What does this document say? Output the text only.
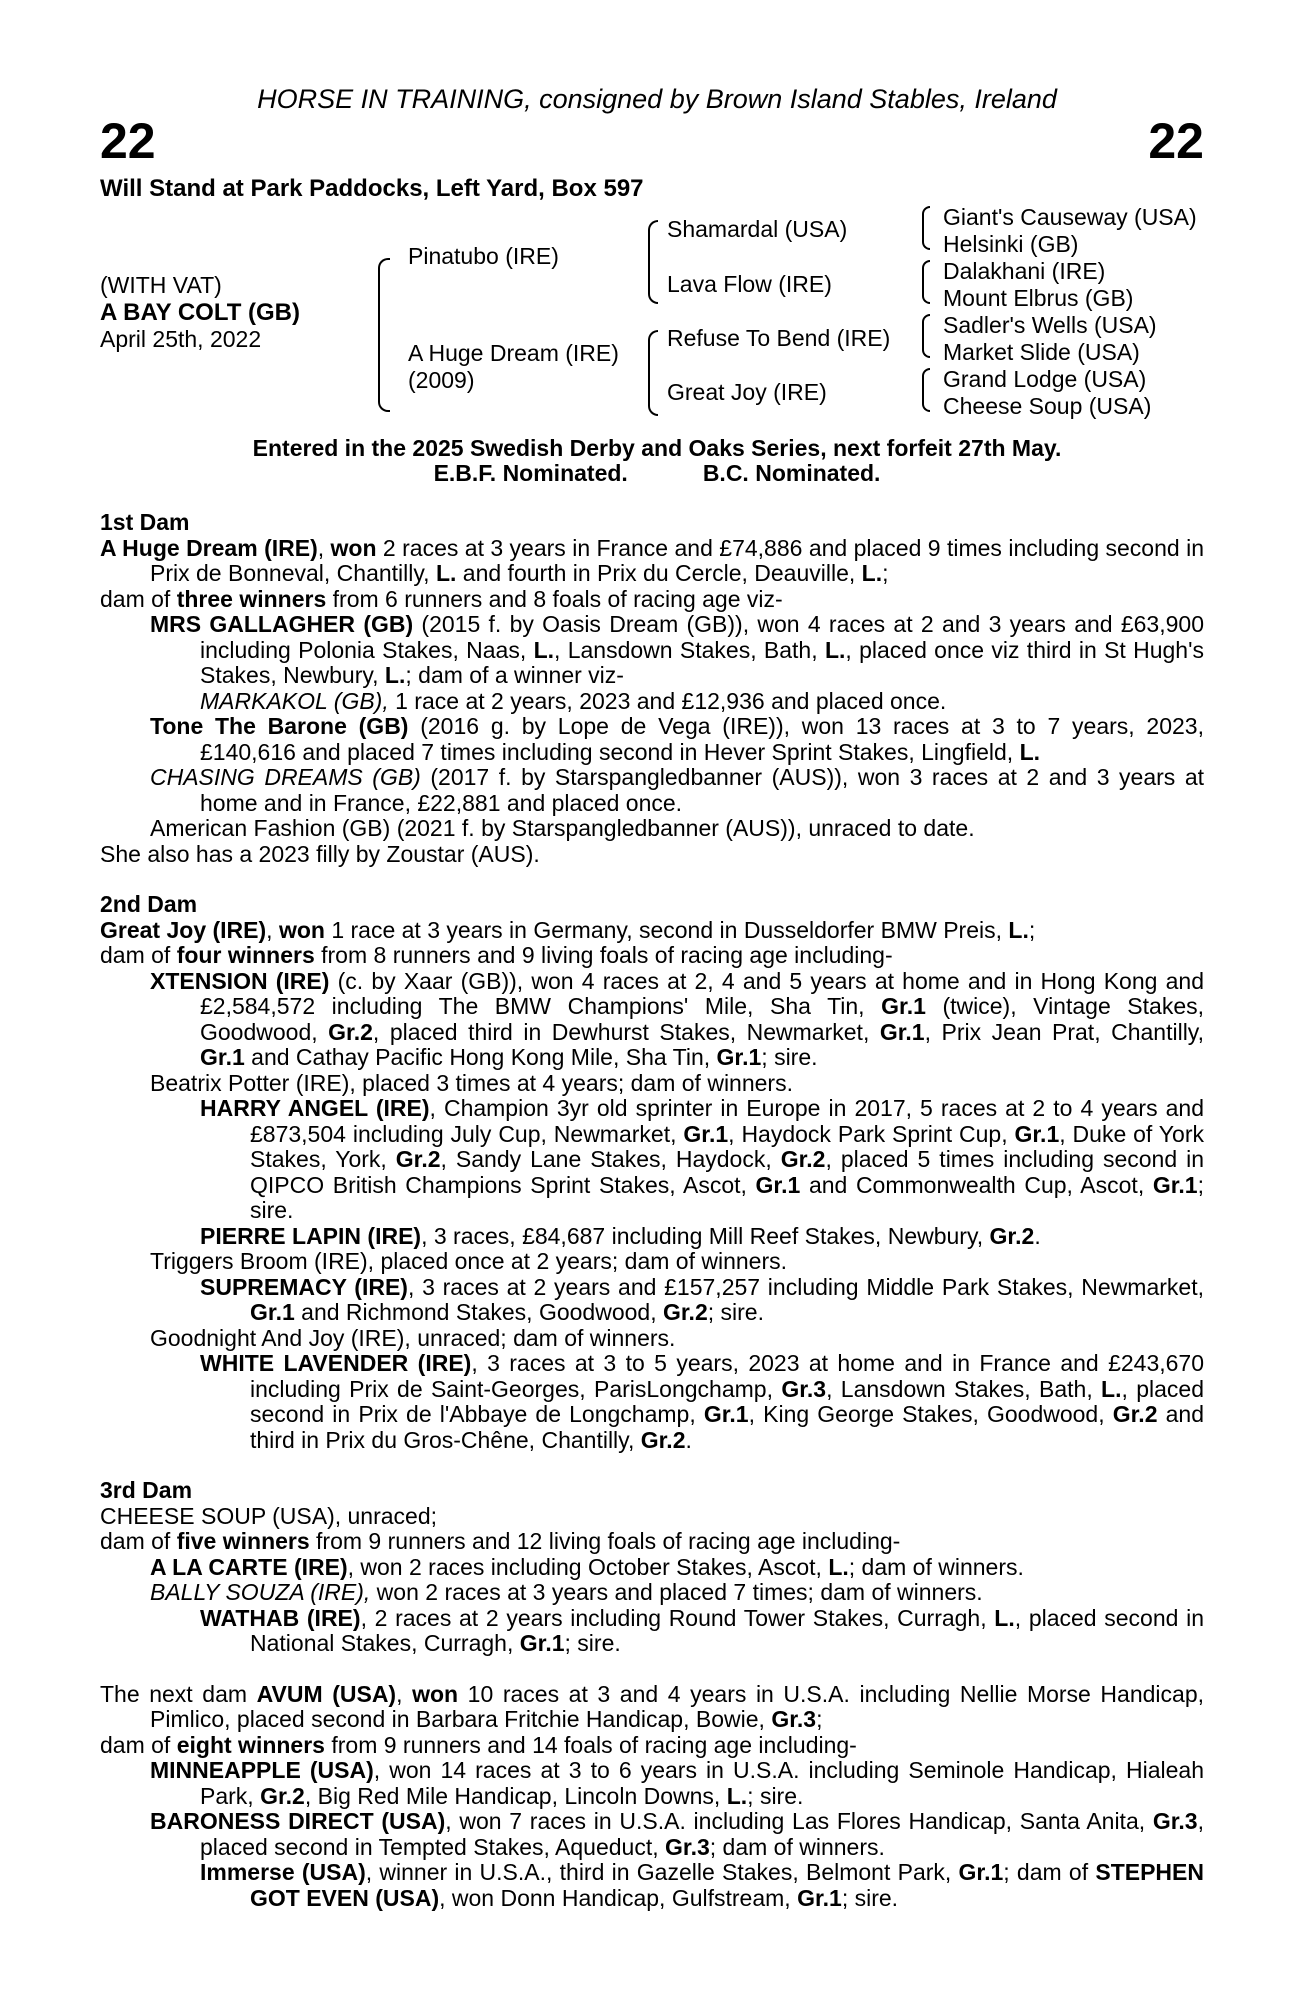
HORSE IN TRAINING, consigned by Brown Island Stables, Ireland
22	22
Will Stand at Park Paddocks, Left Yard, Box 597
(WITH VAT)
A BAY COLT (GB)
April 25th, 2022
Pinatubo (IRE)
A Huge Dream (IRE)
(2009)
Shamardal (USA)
Lava Flow (IRE)
Refuse To Bend (IRE)
Great Joy (IRE)
Giant's Causeway (USA)
Helsinki (GB)
Dalakhani (IRE)
Mount Elbrus (GB)
Sadler's Wells (USA)
Market Slide (USA)
Grand Lodge (USA)
Cheese Soup (USA)
Entered in the 2025 Swedish Derby and Oaks Series, next forfeit 27th May.
E.B.F. Nominated.	B.C. Nominated.

1st Dam

A Huge Dream (IRE), won 2 races at 3 years in France and £74,886 and placed 9 times including second in Prix de Bonneval, Chantilly, L. and fourth in Prix du Cercle, Deauville, L.;

dam of three winners from 6 runners and 8 foals of racing age viz-

MRS GALLAGHER (GB) (2015 f. by Oasis Dream (GB)), won 4 races at 2 and 3 years and £63,900 including Polonia Stakes, Naas, L., Lansdown Stakes, Bath, L., placed once viz third in St Hugh's Stakes, Newbury, L.; dam of a winner viz-

MARKAKOL (GB), 1 race at 2 years, 2023 and £12,936 and placed once.

Tone The Barone (GB) (2016 g. by Lope de Vega (IRE)), won 13 races at 3 to 7 years, 2023, £140,616 and placed 7 times including second in Hever Sprint Stakes, Lingfield, L.

CHASING DREAMS (GB) (2017 f. by Starspangledbanner (AUS)), won 3 races at 2 and 3 years at home and in France, £22,881 and placed once.

American Fashion (GB) (2021 f. by Starspangledbanner (AUS)), unraced to date.

She also has a 2023 filly by Zoustar (AUS).

2nd Dam

Great Joy (IRE), won 1 race at 3 years in Germany, second in Dusseldorfer BMW Preis, L.;

dam of four winners from 8 runners and 9 living foals of racing age including-

XTENSION (IRE) (c. by Xaar (GB)), won 4 races at 2, 4 and 5 years at home and in Hong Kong and £2,584,572 including The BMW Champions' Mile, Sha Tin, Gr.1 (twice), Vintage Stakes, Goodwood, Gr.2, placed third in Dewhurst Stakes, Newmarket, Gr.1, Prix Jean Prat, Chantilly, Gr.1 and Cathay Pacific Hong Kong Mile, Sha Tin, Gr.1; sire.

Beatrix Potter (IRE), placed 3 times at 4 years; dam of winners.

HARRY ANGEL (IRE), Champion 3yr old sprinter in Europe in 2017, 5 races at 2 to 4 years and £873,504 including July Cup, Newmarket, Gr.1, Haydock Park Sprint Cup, Gr.1, Duke of York Stakes, York, Gr.2, Sandy Lane Stakes, Haydock, Gr.2, placed 5 times including second in QIPCO British Champions Sprint Stakes, Ascot, Gr.1 and Commonwealth Cup, Ascot, Gr.1; sire.

PIERRE LAPIN (IRE), 3 races, £84,687 including Mill Reef Stakes, Newbury, Gr.2.

Triggers Broom (IRE), placed once at 2 years; dam of winners.

SUPREMACY (IRE), 3 races at 2 years and £157,257 including Middle Park Stakes, Newmarket, Gr.1 and Richmond Stakes, Goodwood, Gr.2; sire.

Goodnight And Joy (IRE), unraced; dam of winners.

WHITE LAVENDER (IRE), 3 races at 3 to 5 years, 2023 at home and in France and £243,670 including Prix de Saint-Georges, ParisLongchamp, Gr.3, Lansdown Stakes, Bath, L., placed second in Prix de l'Abbaye de Longchamp, Gr.1, King George Stakes, Goodwood, Gr.2 and third in Prix du Gros-Chêne, Chantilly, Gr.2.

3rd Dam

CHEESE SOUP (USA), unraced;

dam of five winners from 9 runners and 12 living foals of racing age including-

A LA CARTE (IRE), won 2 races including October Stakes, Ascot, L.; dam of winners.

BALLY SOUZA (IRE), won 2 races at 3 years and placed 7 times; dam of winners.

WATHAB (IRE), 2 races at 2 years including Round Tower Stakes, Curragh, L., placed second in National Stakes, Curragh, Gr.1; sire.

The next dam AVUM (USA), won 10 races at 3 and 4 years in U.S.A. including Nellie Morse Handicap, Pimlico, placed second in Barbara Fritchie Handicap, Bowie, Gr.3;

dam of eight winners from 9 runners and 14 foals of racing age including-

MINNEAPPLE (USA), won 14 races at 3 to 6 years in U.S.A. including Seminole Handicap, Hialeah Park, Gr.2, Big Red Mile Handicap, Lincoln Downs, L.; sire.

BARONESS DIRECT (USA), won 7 races in U.S.A. including Las Flores Handicap, Santa Anita, Gr.3, placed second in Tempted Stakes, Aqueduct, Gr.3; dam of winners.

Immerse (USA), winner in U.S.A., third in Gazelle Stakes, Belmont Park, Gr.1; dam of STEPHEN GOT EVEN (USA), won Donn Handicap, Gulfstream, Gr.1; sire.
